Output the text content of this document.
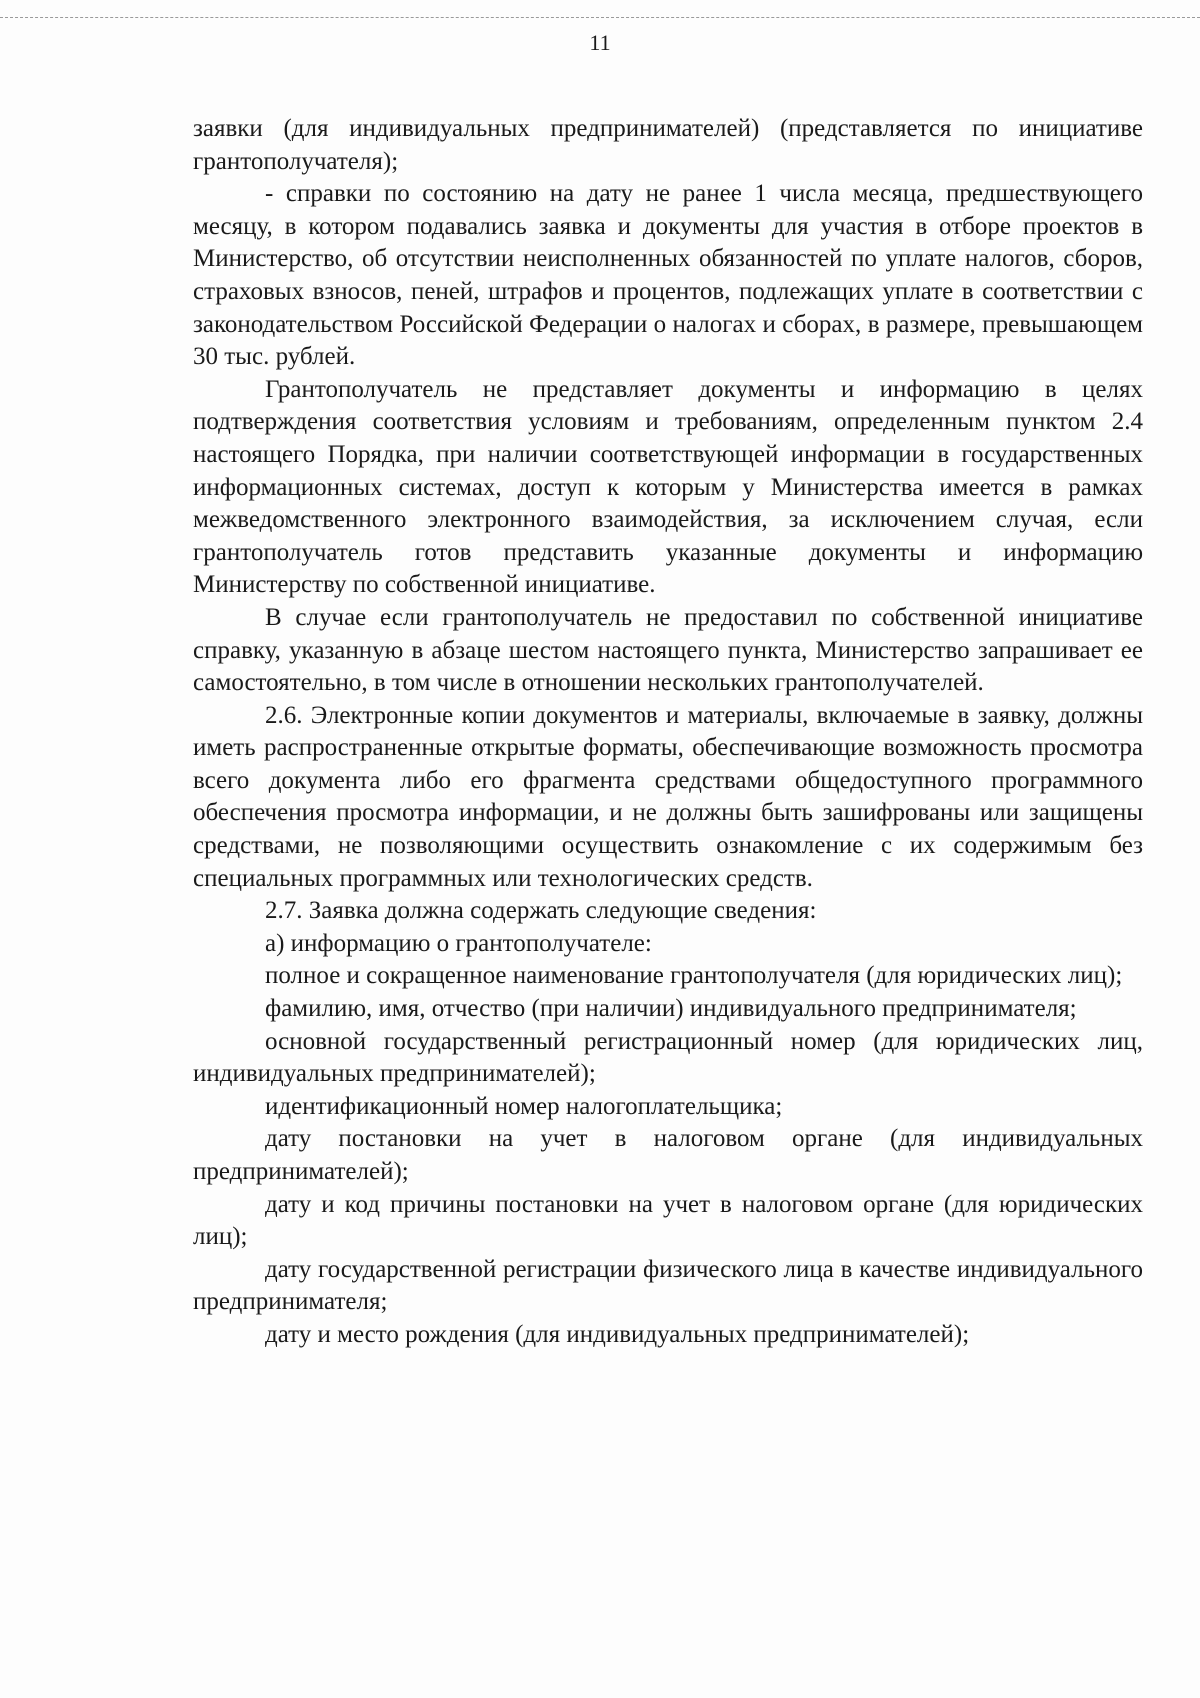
11

заявки (для индивидуальных предпринимателей) (представляется по инициативе грантополучателя);

- справки по состоянию на дату не ранее 1 числа месяца, предшествующего месяцу, в котором подавались заявка и документы для участия в отборе проектов в Министерство, об отсутствии неисполненных обязанностей по уплате налогов, сборов, страховых взносов, пеней, штрафов и процентов, подлежащих уплате в соответствии с законодательством Российской Федерации о налогах и сборах, в размере, превышающем 30 тыс. рублей.

Грантополучатель не представляет документы и информацию в целях подтверждения соответствия условиям и требованиям, определенным пунктом 2.4 настоящего Порядка, при наличии соответствующей информации в государственных информационных системах, доступ к которым у Министерства имеется в рамках межведомственного электронного взаимодействия, за исключением случая, если грантополучатель готов представить указанные документы и информацию Министерству по собственной инициативе.

В случае если грантополучатель не предоставил по собственной инициативе справку, указанную в абзаце шестом настоящего пункта, Министерство запрашивает ее самостоятельно, в том числе в отношении нескольких грантополучателей.

2.6. Электронные копии документов и материалы, включаемые в заявку, должны иметь распространенные открытые форматы, обеспечивающие возможность просмотра всего документа либо его фрагмента средствами общедоступного программного обеспечения просмотра информации, и не должны быть зашифрованы или защищены средствами, не позволяющими осуществить ознакомление с их содержимым без специальных программных или технологических средств.

2.7. Заявка должна содержать следующие сведения:

а) информацию о грантополучателе:

полное и сокращенное наименование грантополучателя (для юридических лиц);

фамилию, имя, отчество (при наличии) индивидуального предпринимателя;

основной государственный регистрационный номер (для юридических лиц, индивидуальных предпринимателей);

идентификационный номер налогоплательщика;

дату постановки на учет в налоговом органе (для индивидуальных предпринимателей);

дату и код причины постановки на учет в налоговом органе (для юридических лиц);

дату государственной регистрации физического лица в качестве индивидуального предпринимателя;

дату и место рождения (для индивидуальных предпринимателей);
